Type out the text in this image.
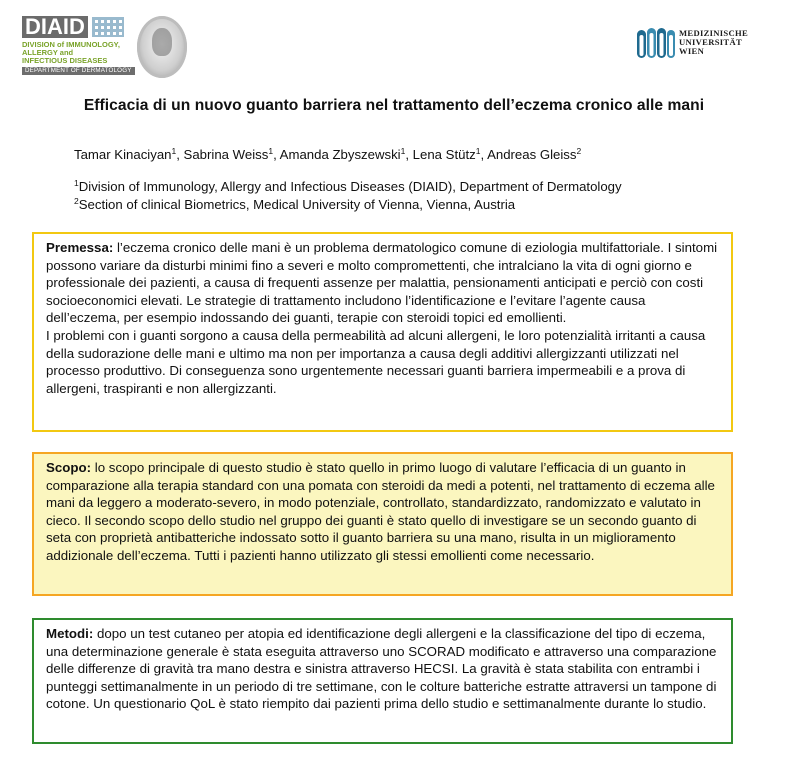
DIAID
DIVISION of IMMUNOLOGY,
ALLERGY and
INFECTIOUS DISEASES
DEPARTMENT OF DERMATOLOGY
MEDIZINISCHE
UNIVERSITÄT
WIEN
Efficacia di un nuovo guanto barriera nel trattamento dell’eczema cronico alle mani
Tamar Kinaciyan$^1$, Sabrina Weiss$^1$, Amanda Zbyszewski$^1$, Lena Stütz$^1$, Andreas Gleiss$^2$
$^1$Division of Immunology, Allergy and Infectious Diseases (DIAID), Department of Dermatology
$^2$Section of clinical Biometrics, Medical University of Vienna, Vienna, Austria

Premessa: l’eczema cronico delle mani è un problema dermatologico comune di eziologia multifattoriale. I sintomi possono variare da disturbi minimi fino a severi e molto compromettenti, che intralciano la vita di ogni giorno e professionale dei pazienti, a causa di frequenti assenze per malattia, pensionamenti anticipati e perciò con costi socioeconomici elevati. Le strategie di trattamento includono l’identificazione e l’evitare l’agente causa dell’eczema, per esempio indossando dei guanti, terapie con steroidi topici ed emollienti.

I problemi con i guanti sorgono a causa della permeabilità ad alcuni allergeni, le loro potenzialità irritanti a causa della sudorazione delle mani e ultimo ma non per importanza a causa degli additivi allergizzanti utilizzati nel processo produttivo. Di conseguenza sono urgentemente necessari guanti barriera impermeabili e a prova di allergeni, traspiranti e non allergizzanti.

Scopo: lo scopo principale di questo studio è stato quello in primo luogo di valutare l’efficacia di un guanto in comparazione alla terapia standard con una pomata con steroidi da medi a potenti, nel trattamento di eczema alle mani da leggero a moderato-severo, in modo potenziale, controllato, standardizzato, randomizzato e valutato in cieco. Il secondo scopo dello studio nel gruppo dei guanti è stato quello di investigare se un secondo guanto di seta con proprietà antibatteriche indossato sotto il guanto barriera su una mano, risulta in un miglioramento addizionale dell’eczema. Tutti i pazienti hanno utilizzato gli stessi emollienti come necessario.

Metodi: dopo un test cutaneo per atopia ed identificazione degli allergeni e la classificazione del tipo di eczema, una determinazione generale è stata eseguita attraverso uno SCORAD modificato e attraverso una comparazione delle differenze di gravità tra mano destra e sinistra attraverso HECSI. La gravità è stata stabilita con entrambi i punteggi settimanalmente in un periodo di tre settimane, con le colture batteriche estratte attraversi un tampone di cotone. Un questionario QoL è stato riempito dai pazienti prima dello studio e settimanalmente durante lo studio.
